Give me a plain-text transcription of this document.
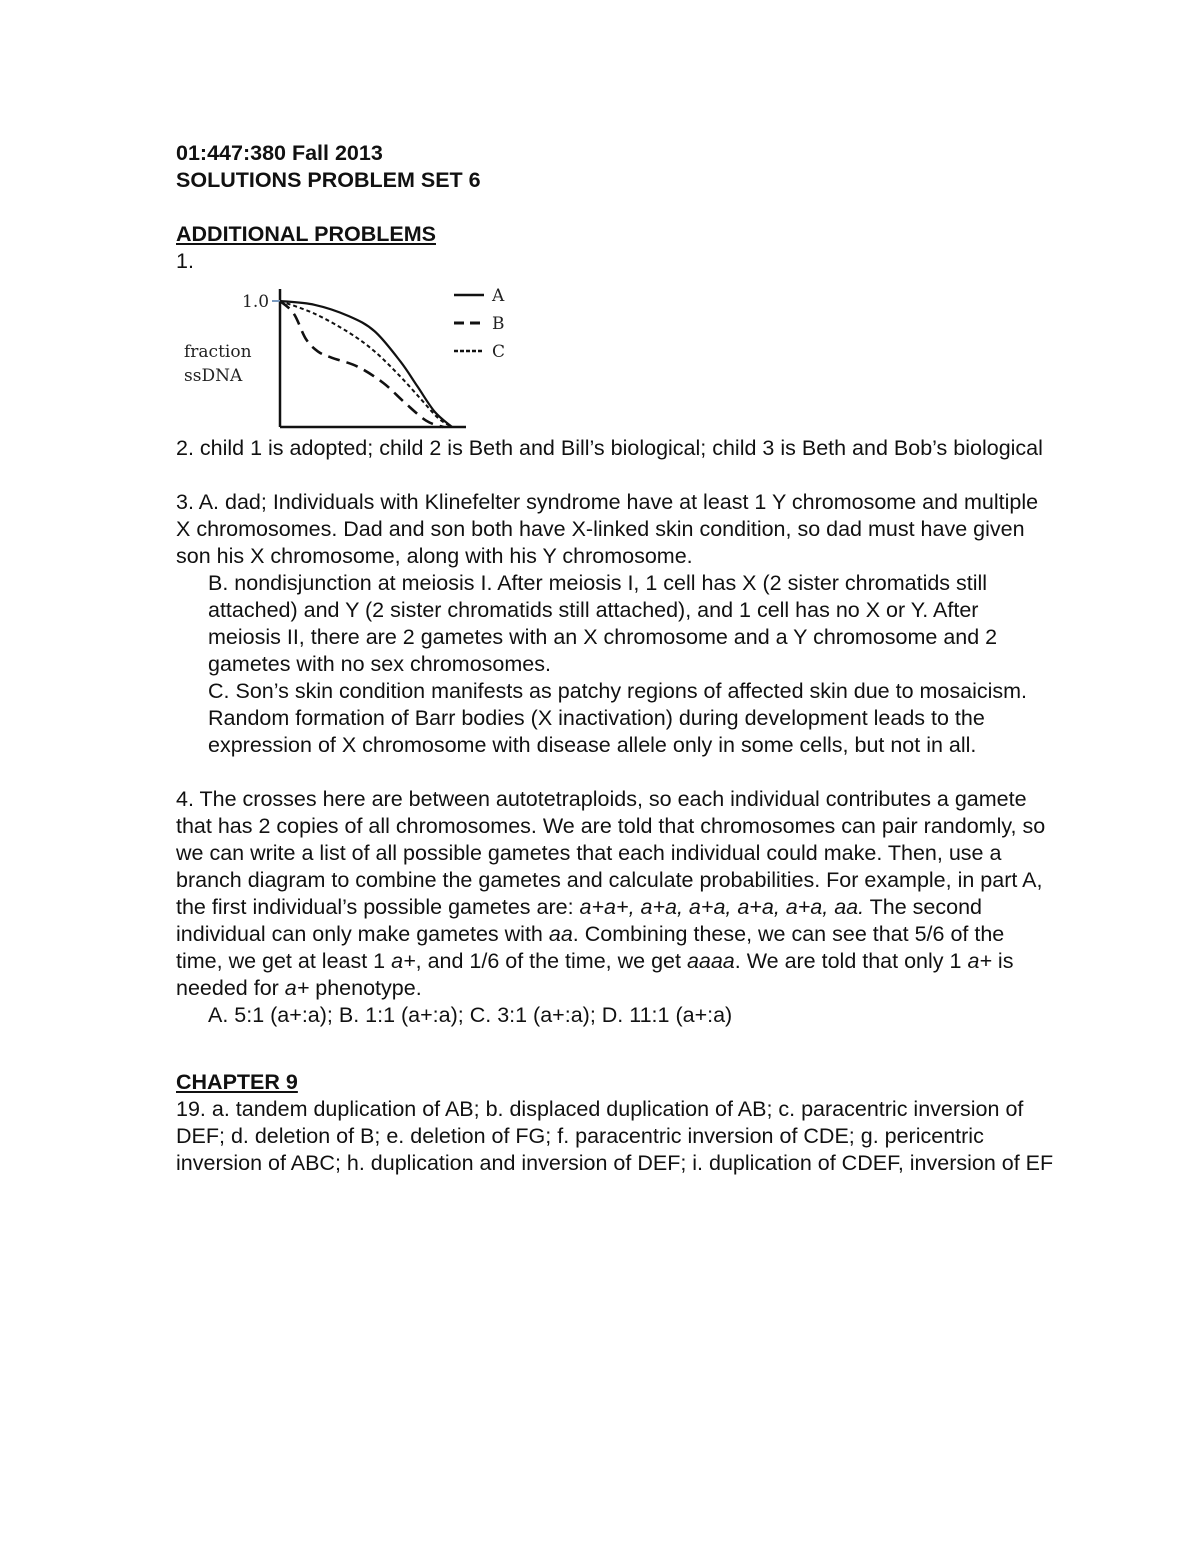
01:447:380 Fall 2013

SOLUTIONS PROBLEM SET 6

ADDITIONAL PROBLEMS

1.

fraction
ssDNA
1.0	A
B
C

2. child 1 is adopted; child 2 is Beth and Bill’s biological; child 3 is Beth and Bob’s biological

3. A. dad; Individuals with Klinefelter syndrome have at least 1 Y chromosome and multiple X chromosomes. Dad and son both have X-linked skin condition, so dad must have given son his X chromosome, along with his Y chromosome.

B. nondisjunction at meiosis I. After meiosis I, 1 cell has X (2 sister chromatids still attached) and Y (2 sister chromatids still attached), and 1 cell has no X or Y. After meiosis II, there are 2 gametes with an X chromosome and a Y chromosome and 2 gametes with no sex chromosomes.

C. Son’s skin condition manifests as patchy regions of affected skin due to mosaicism. Random formation of Barr bodies (X inactivation) during development leads to the expression of X chromosome with disease allele only in some cells, but not in all.

4. The crosses here are between autotetraploids, so each individual contributes a gamete that has 2 copies of all chromosomes. We are told that chromosomes can pair randomly, so we can write a list of all possible gametes that each individual could make. Then, use a branch diagram to combine the gametes and calculate probabilities. For example, in part A, the first individual’s possible gametes are: a+a+, a+a, a+a, a+a, a+a, aa. The second individual can only make gametes with aa. Combining these, we can see that 5/6 of the time, we get at least 1 a+, and 1/6 of the time, we get aaaa. We are told that only 1 a+ is needed for a+ phenotype.

A. 5:1 (a+:a); B. 1:1 (a+:a); C. 3:1 (a+:a); D. 11:1 (a+:a)

CHAPTER 9

19. a. tandem duplication of AB; b. displaced duplication of AB; c. paracentric inversion of DEF; d. deletion of B; e. deletion of FG; f. paracentric inversion of CDE; g. pericentric inversion of ABC; h. duplication and inversion of DEF; i. duplication of CDEF, inversion of EF
